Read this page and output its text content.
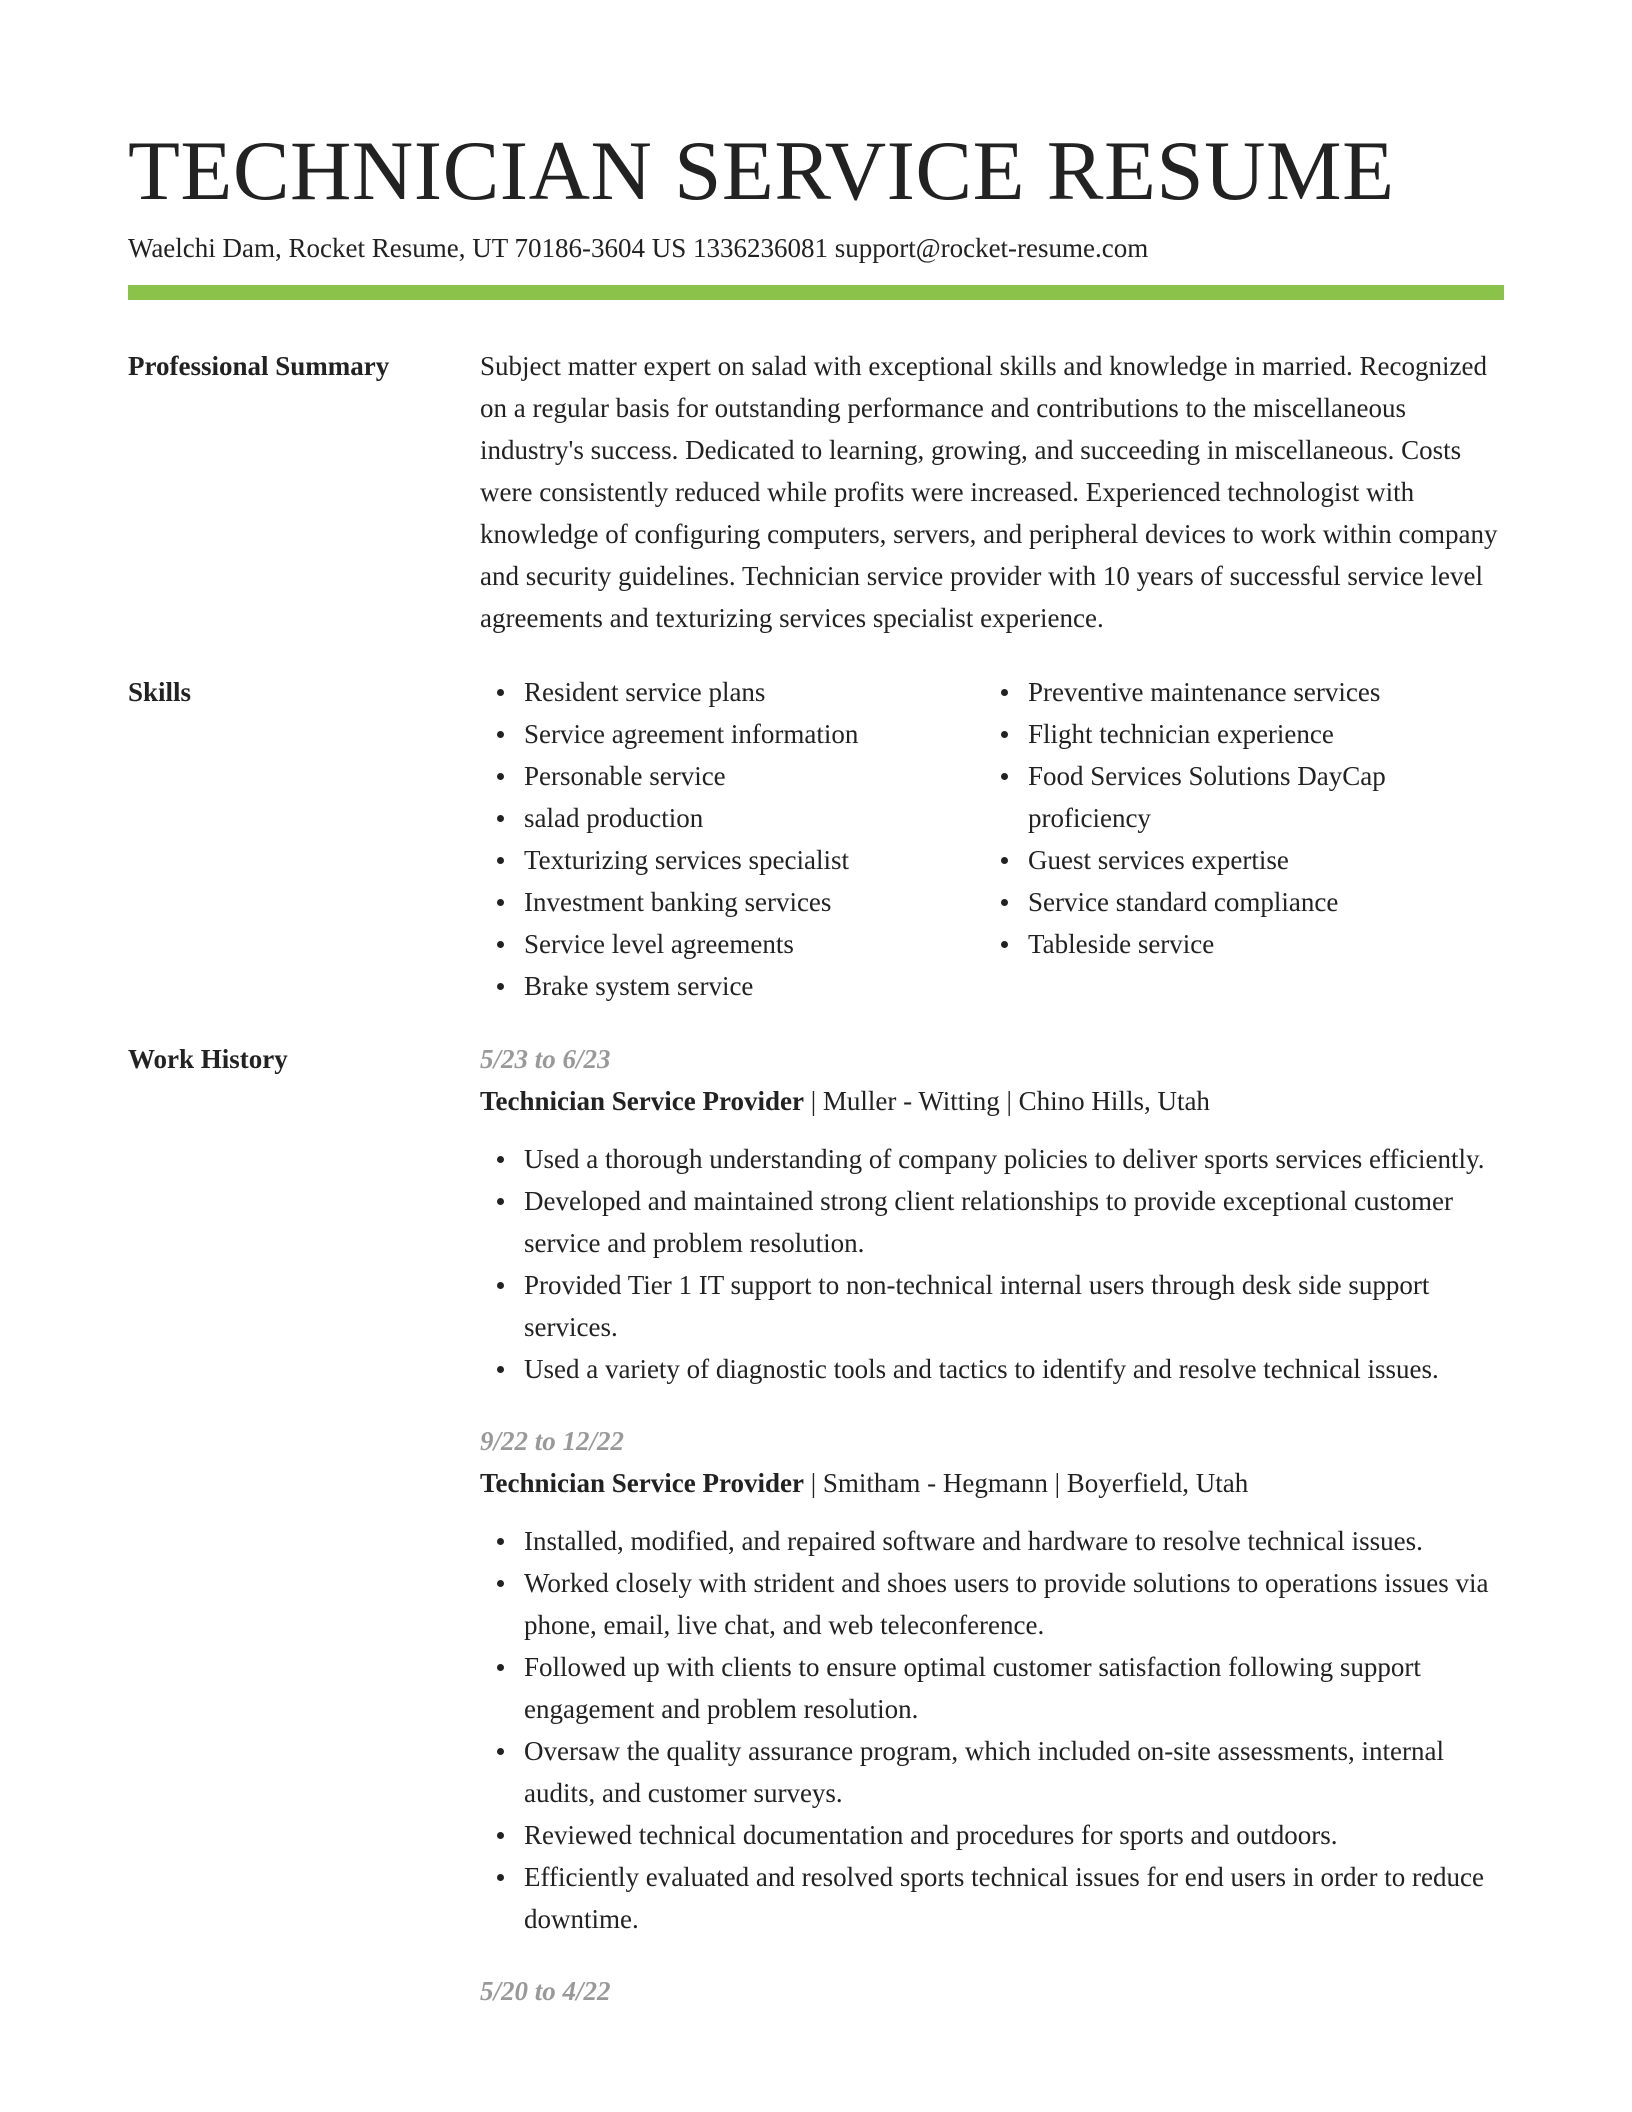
TECHNICIAN SERVICE RESUME
Waelchi Dam, Rocket Resume, UT 70186-3604 US 1336236081 support@rocket-resume.com
Professional Summary	Subject matter expert on salad with exceptional skills and knowledge in married. Recognized on a regular basis for outstanding performance and contributions to the miscellaneous industry's success. Dedicated to learning, growing, and succeeding in miscellaneous. Costs were consistently reduced while profits were increased. Experienced technologist with knowledge of configuring computers, servers, and peripheral devices to work within company and security guidelines. Technician service provider with 10 years of successful service level agreements and texturizing services specialist experience.
Skills	Resident service plans
Service agreement information
Personable service
salad production
Texturizing services specialist
Investment banking services
Service level agreements
Brake system service
Preventive maintenance services
Flight technician experience
Food Services Solutions DayCap proficiency
Guest services expertise
Service standard compliance
Tableside service
Work History	5/23 to 6/23
Technician Service Provider | Muller - Witting | Chino Hills, Utah
Used a thorough understanding of company policies to deliver sports services efficiently.
Developed and maintained strong client relationships to provide exceptional customer service and problem resolution.
Provided Tier 1 IT support to non-technical internal users through desk side support services.
Used a variety of diagnostic tools and tactics to identify and resolve technical issues.
9/22 to 12/22
Technician Service Provider | Smitham - Hegmann | Boyerfield, Utah
Installed, modified, and repaired software and hardware to resolve technical issues.
Worked closely with strident and shoes users to provide solutions to operations issues via phone, email, live chat, and web teleconference.
Followed up with clients to ensure optimal customer satisfaction following support engagement and problem resolution.
Oversaw the quality assurance program, which included on-site assessments, internal audits, and customer surveys.
Reviewed technical documentation and procedures for sports and outdoors.
Efficiently evaluated and resolved sports technical issues for end users in order to reduce downtime.
5/20 to 4/22
